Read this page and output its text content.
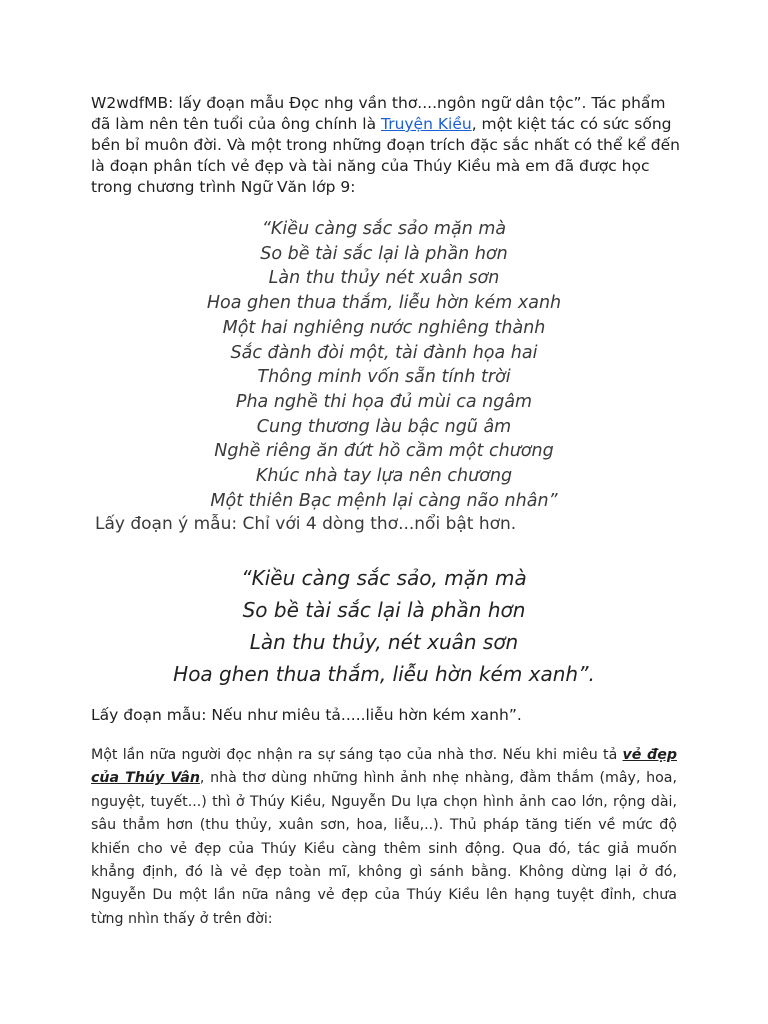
W2wdfMB: lấy đoạn mẫu Đọc nhg vần thơ....ngôn ngữ dân tộc”. Tác phẩm đã làm nên tên tuổi của ông chính là Truyện Kiều, một kiệt tác có sức sống bền bỉ muôn đời. Và một trong những đoạn trích đặc sắc nhất có thể kể đến là đoạn phân tích vẻ đẹp và tài năng của Thúy Kiều mà em đã được học trong chương trình Ngữ Văn lớp 9:

“Kiều càng sắc sảo mặn mà
So bề tài sắc lại là phần hơn
Làn thu thủy nét xuân sơn
Hoa ghen thua thắm, liễu hờn kém xanh
Một hai nghiêng nước nghiêng thành
Sắc đành đòi một, tài đành họa hai
Thông minh vốn sẵn tính trời
Pha nghề thi họa đủ mùi ca ngâm
Cung thương làu bậc ngũ âm
Nghề riêng ăn đứt hồ cầm một chương
Khúc nhà tay lựa nên chương
Một thiên Bạc mệnh lại càng não nhân”

Lấy đoạn ý mẫu: Chỉ với 4 dòng thơ...nổi bật hơn.

“Kiều càng sắc sảo, mặn mà
So bề tài sắc lại là phần hơn
Làn thu thủy, nét xuân sơn
Hoa ghen thua thắm, liễu hờn kém xanh”.

Lấy đoạn mẫu: Nếu như miêu tả.....liễu hờn kém xanh”.

Một lần nữa người đọc nhận ra sự sáng tạo của nhà thơ. Nếu khi miêu tả vẻ đẹp của Thúy Vân, nhà thơ dùng những hình ảnh nhẹ nhàng, đằm thắm (mây, hoa, nguyệt, tuyết...) thì ở Thúy Kiều, Nguyễn Du lựa chọn hình ảnh cao lớn, rộng dài, sâu thẳm hơn (thu thủy, xuân sơn, hoa, liễu,..). Thủ pháp tăng tiến về mức độ khiến cho vẻ đẹp của Thúy Kiều càng thêm sinh động. Qua đó, tác giả muốn khẳng định, đó là vẻ đẹp toàn mĩ, không gì sánh bằng. Không dừng lại ở đó, Nguyễn Du một lần nữa nâng vẻ đẹp của Thúy Kiều lên hạng tuyệt đỉnh, chưa từng nhìn thấy ở trên đời:
